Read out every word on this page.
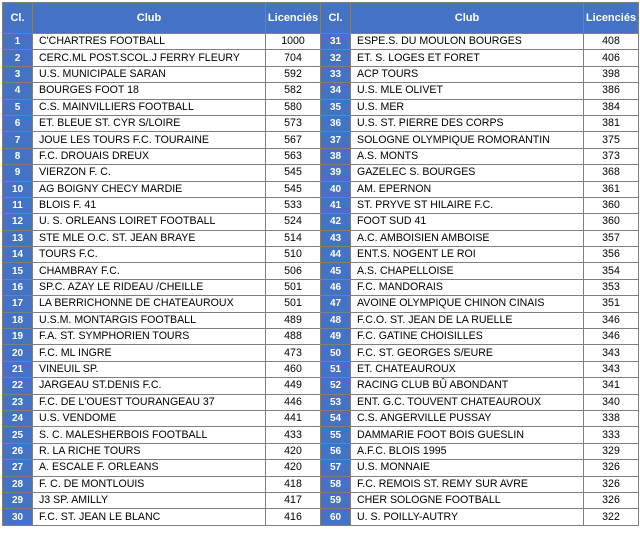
Cl.	Club	Licenciés	Cl.	Club	Licenciés
1	C'CHARTRES FOOTBALL	1000	31	ESPE.S. DU MOULON BOURGES	408
2	CERC.ML POST.SCOL.J FERRY FLEURY	704	32	ET. S. LOGES ET FORET	406
3	U.S. MUNICIPALE SARAN	592	33	ACP TOURS	398
4	BOURGES FOOT 18	582	34	U.S. MLE OLIVET	386
5	C.S. MAINVILLIERS FOOTBALL	580	35	U.S. MER	384
6	ET. BLEUE ST. CYR S/LOIRE	573	36	U.S. ST. PIERRE DES CORPS	381
7	JOUE LES TOURS F.C. TOURAINE	567	37	SOLOGNE OLYMPIQUE ROMORANTIN	375
8	F.C. DROUAIS DREUX	563	38	A.S. MONTS	373
9	VIERZON F. C.	545	39	GAZELEC S. BOURGES	368
10	AG BOIGNY CHECY MARDIE	545	40	AM. EPERNON	361
11	BLOIS F. 41	533	41	ST. PRYVE ST HILAIRE F.C.	360
12	U. S. ORLEANS LOIRET FOOTBALL	524	42	FOOT SUD 41	360
13	STE MLE O.C. ST. JEAN BRAYE	514	43	A.C. AMBOISIEN AMBOISE	357
14	TOURS F.C.	510	44	ENT.S. NOGENT LE ROI	356
15	CHAMBRAY F.C.	506	45	A.S. CHAPELLOISE	354
16	SP.C. AZAY LE RIDEAU /CHEILLE	501	46	F.C. MANDORAIS	353
17	LA BERRICHONNE DE CHATEAUROUX	501	47	AVOINE OLYMPIQUE CHINON CINAIS	351
18	U.S.M. MONTARGIS FOOTBALL	489	48	F.C.O. ST. JEAN DE LA RUELLE	346
19	F.A. ST. SYMPHORIEN TOURS	488	49	F.C. GATINE CHOISILLES	346
20	F.C. ML INGRE	473	50	F.C. ST. GEORGES S/EURE	343
21	VINEUIL SP.	460	51	ET. CHATEAUROUX	343
22	JARGEAU ST.DENIS F.C.	449	52	RACING CLUB BÛ ABONDANT	341
23	F.C. DE L'OUEST TOURANGEAU 37	446	53	ENT. G.C. TOUVENT CHATEAUROUX	340
24	U.S. VENDOME	441	54	C.S. ANGERVILLE PUSSAY	338
25	S. C. MALESHERBOIS FOOTBALL	433	55	DAMMARIE FOOT BOIS GUESLIN	333
26	R. LA RICHE TOURS	420	56	A.F.C. BLOIS 1995	329
27	A. ESCALE F. ORLEANS	420	57	U.S. MONNAIE	326
28	F. C. DE MONTLOUIS	418	58	F.C. REMOIS ST. REMY SUR AVRE	326
29	J3 SP. AMILLY	417	59	CHER SOLOGNE FOOTBALL	326
30	F.C. ST. JEAN LE BLANC	416	60	U. S. POILLY-AUTRY	322
